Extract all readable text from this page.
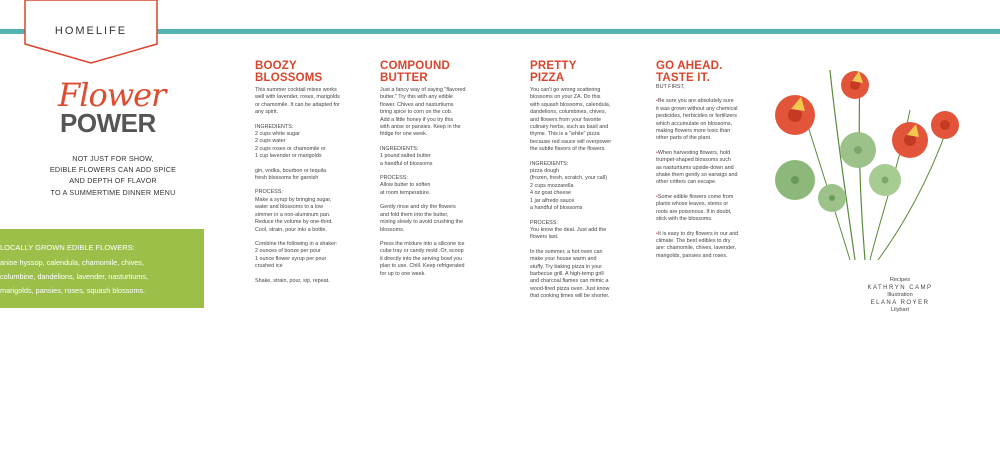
HOMELIFE
Flower
POWER
NOT JUST FOR SHOW,
EDIBLE FLOWERS CAN ADD SPICE
AND DEPTH OF FLAVOR
TO A SUMMERTIME DINNER MENU
LOCALLY GROWN EDIBLE FLOWERS:
anise hyssop, calendula, chamomile, chives,
columbine, dandelions, lavender, nasturtiums,
marigolds, pansies, roses, squash blossoms.
BOOZY
BLOSSOMS

This summer cocktail mixes works
well with lavender, roses, marigolds
or chamomile. It can be adapted for
any spirit.

INGREDIENTS:
2 cups white sugar
2 cups water
2 cups roses or chamomile or
1 cup lavender or marigolds

gin, vodka, bourbon or tequila
fresh blossoms for garnish

PROCESS:
Make a syrup by bringing sugar,
water and blossoms to a low
simmer in a non-aluminum pan.
Reduce the volume by one-third.
Cool, strain, pour into a bottle.

Combine the following in a shaker:
2 ounces of booze per pour
1 ounce flower syrup per pour
crushed ice

Shake, strain, pour, sip, repeat.

COMPOUND
BUTTER

Just a fancy way of saying "flavored
butter." Try this with any edible
flower. Chives and nasturtiums
bring spice to corn on the cob.
Add a little honey if you try this
with anise or pansies. Keep in the
fridge for one week.

INGREDIENTS:
1 pound salted butter
a handful of blossoms

PROCESS:
Allow butter to soften
at room temperature.

Gently rinse and dry the flowers
and fold them into the butter,
mixing slowly to avoid crushing the
blossoms.

Press the mixture into a silicone ice
cube tray or candy mold. Or, scoop
it directly into the serving bowl you
plan to use. Chill. Keep refrigerated
for up to one week.

PRETTY
PIZZA

You can't go wrong scattering
blossoms on your ZA. Do this
with squash blossoms, calendula,
dandelions, columbines, chives,
and flowers from your favorite
culinary herbs, such as basil and
thyme. This is a "white" pizza
because red sauce will overpower
the subtle flavors of the flowers.

INGREDIENTS:
pizza dough
(frozen, fresh, scratch, your call)
2 cups mozzarella
4 oz goat cheese
1 jar alfredo sauce
a handful of blossoms

PROCESS:
You know the deal. Just add the
flowers last.

In the summer, a hot oven can
make your house warm and
stuffy. Try baking pizza in your
barbecue grill. A high-temp grill
and charcoal flames can mimic a
wood-fired pizza oven. Just know
that cooking times will be shorter.

GO AHEAD.
TASTE IT.

BUT FIRST,

•Be sure you are absolutely sure
it was grown without any chemical
pesticides, herbicides or fertilizers
which accumulate on blossoms,
making flowers more toxic than
other parts of the plant.

•When harvesting flowers, hold
trumpet-shaped blossoms such
as nasturtiums upside-down and
shake them gently so earwigs and
other critters can escape.

•Some edible flowers come from
plants whose leaves, stems or
roots are poisonous. If in doubt,
stick with the blossoms.

•It is easy to dry flowers in our arid
climate. The best edibles to dry
are: chamomile, chives, lavender,
marigolds, pansies and roses.

Recipes
KATHRYN CAMP
Illustration
ELANA ROYER
Lilybart
